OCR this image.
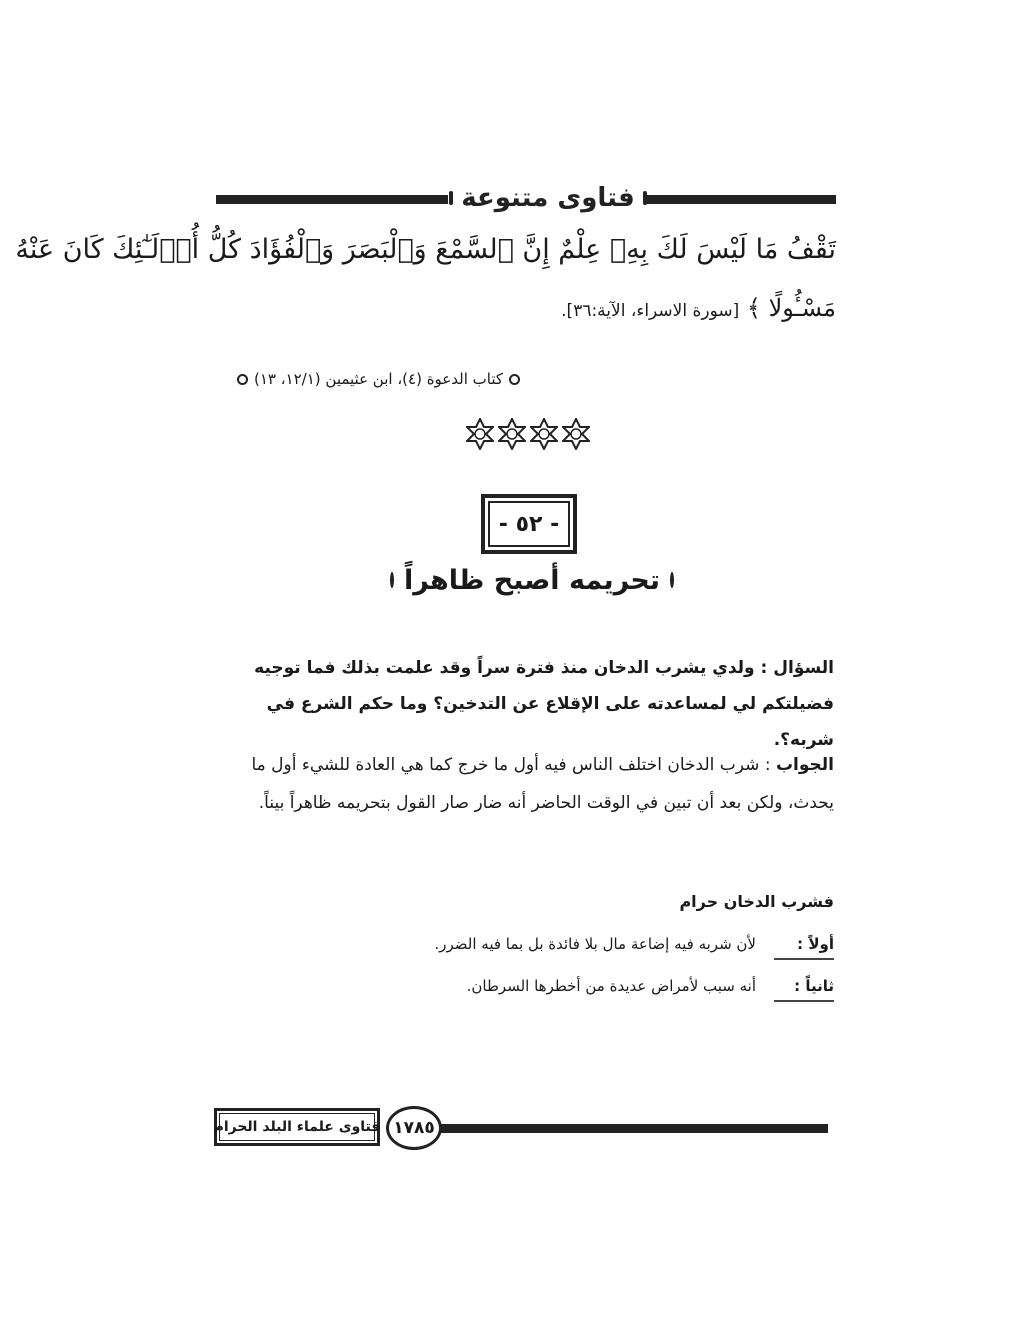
فتاوى متنوعة
تَقْفُ مَا لَيْسَ لَكَ بِهِۦ عِلْمٌ إِنَّ ٱلسَّمْعَ وَٱلْبَصَرَ وَٱلْفُؤَادَ كُلُّ أُو۟لَـٰٓئِكَ كَانَ عَنْهُ
مَسْـُٔولًا ﴾ [سورة الاسراء، الآية:٣٦].
كتاب الدعوة (٤)، ابن عثيمين (١٢/١، ١٣)
- ٥٢ -
تحريمه أصبح ظاهراً
السؤال : ولدي يشرب الدخان منذ فترة سراً وقد علمت بذلك فما توجيه فضيلتكم لي لمساعدته على الإقلاع عن التدخين؟ وما حكم الشرع في شربه؟.
الجواب : شرب الدخان اختلف الناس فيه أول ما خرج كما هي العادة للشيء أول ما يحدث، ولكن بعد أن تبين في الوقت الحاضر أنه ضار صار القول بتحريمه ظاهراً بيناً.
فشرب الدخان حرام
أولاً :
لأن شربه فيه إضاعة مال بلا فائدة بل بما فيه الضرر.
ثانياً :
أنه سبب لأمراض عديدة من أخطرها السرطان.
فتاوى علماء البلد الحرام ١٧٨٥
